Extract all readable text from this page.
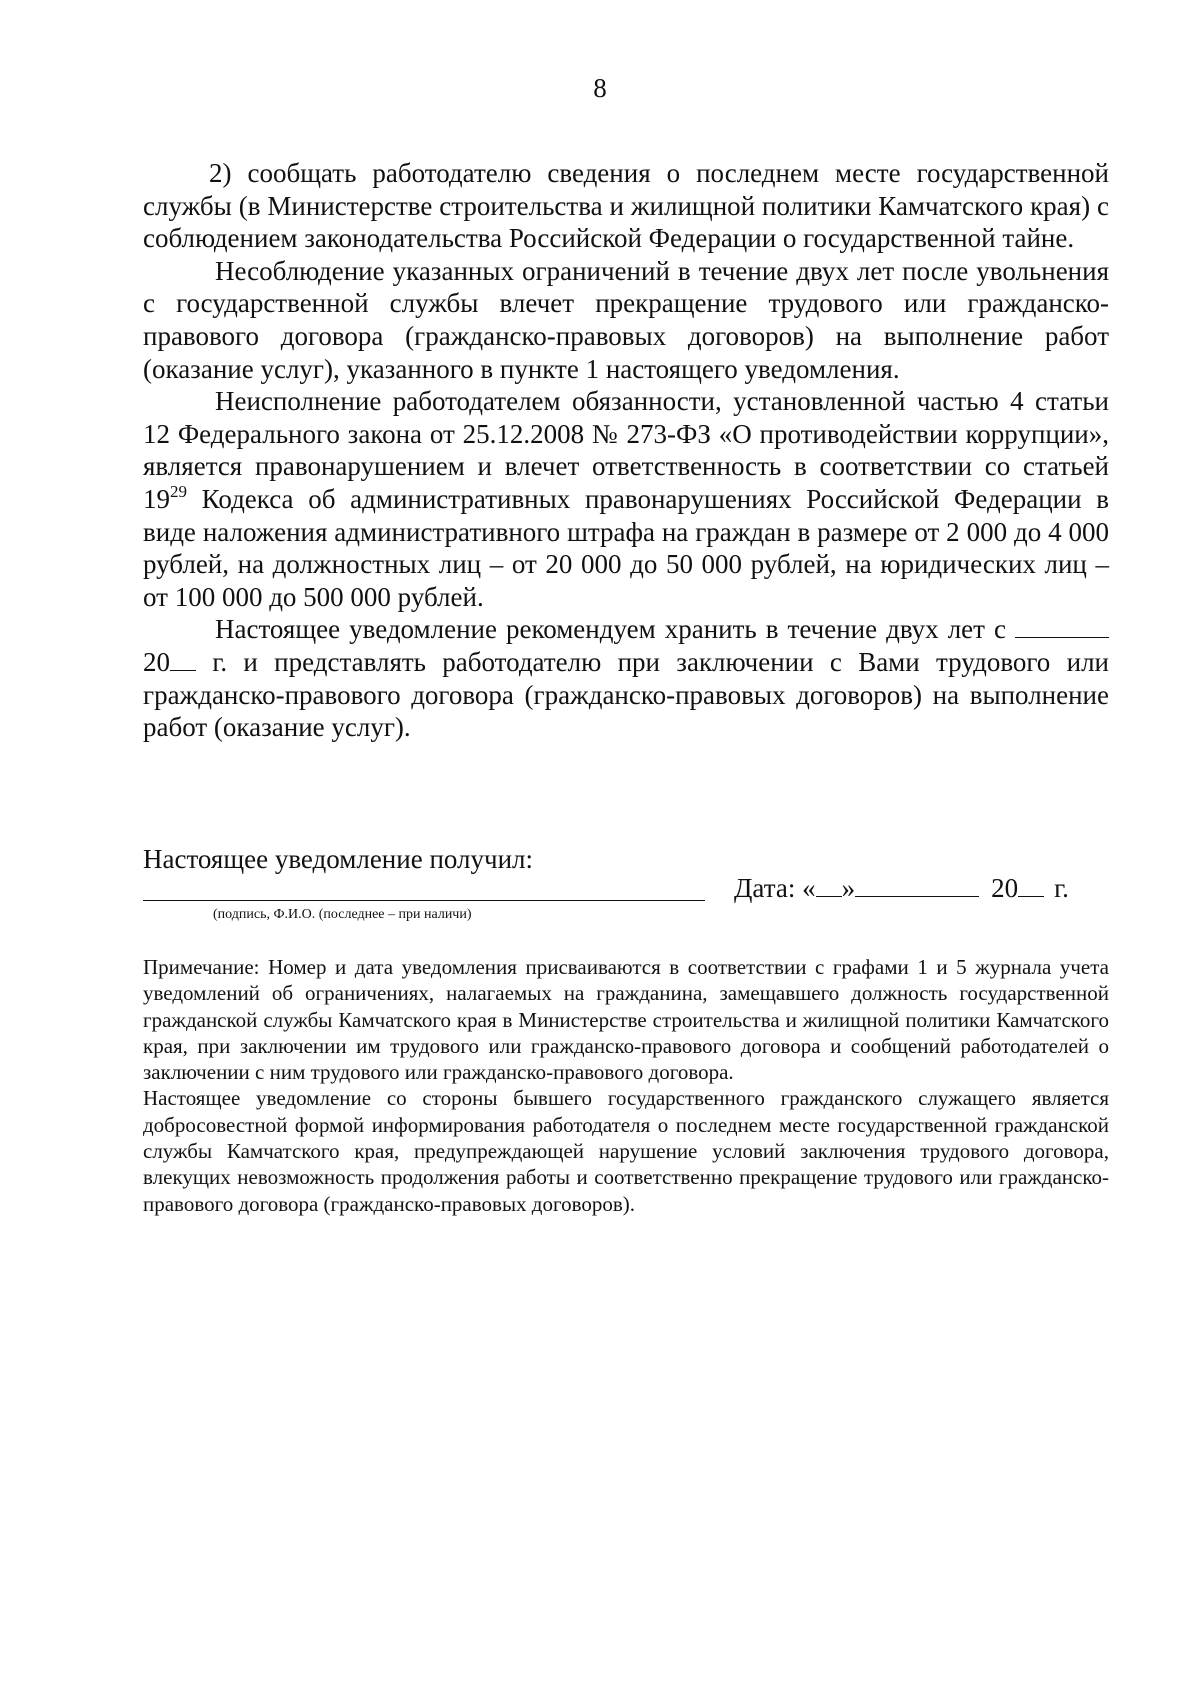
8

2) сообщать работодателю сведения о последнем месте государственной службы (в Министерстве строительства и жилищной политики Камчатского края) с соблюдением законодательства Российской Федерации о государственной тайне.

Несоблюдение указанных ограничений в течение двух лет после увольнения с государственной службы влечет прекращение трудового или гражданско-правового договора (гражданско-правовых договоров) на выполнение работ (оказание услуг), указанного в пункте 1 настоящего уведомления.

Неисполнение работодателем обязанности, установленной частью 4 статьи 12 Федерального закона от 25.12.2008 № 273-ФЗ «О противодействии коррупции», является правонарушением и влечет ответственность в соответствии со статьей $19^{29}$ Кодекса об административных правонарушениях Российской Федерации в виде наложения административного штрафа на граждан в размере от 2 000 до 4 000 рублей, на должностных лиц – от 20 000 до 50 000 рублей, на юридических лиц – от 100 000 до 500 000 рублей.

Настоящее уведомление рекомендуем хранить в течение двух лет с 20 г. и представлять работодателю при заключении с Вами трудового или гражданско-правового договора (гражданско-правовых договоров) на выполнение работ (оказание услуг).

Настоящее уведомление получил:
(подпись, Ф.И.О. (последнее – при наличи)
Дата: « »	20 г.

Примечание: Номер и дата уведомления присваиваются в соответствии с графами 1 и 5 журнала учета уведомлений об ограничениях, налагаемых на гражданина, замещавшего должность государственной гражданской службы Камчатского края в Министерстве строительства и жилищной политики Камчатского края, при заключении им трудового или гражданско-правового договора и сообщений работодателей о заключении с ним трудового или гражданско-правового договора.

Настоящее уведомление со стороны бывшего государственного гражданского служащего является добросовестной формой информирования работодателя о последнем месте государственной гражданской службы Камчатского края, предупреждающей нарушение условий заключения трудового договора, влекущих невозможность продолжения работы и соответственно прекращение трудового или гражданско-правового договора (гражданско-правовых договоров).
